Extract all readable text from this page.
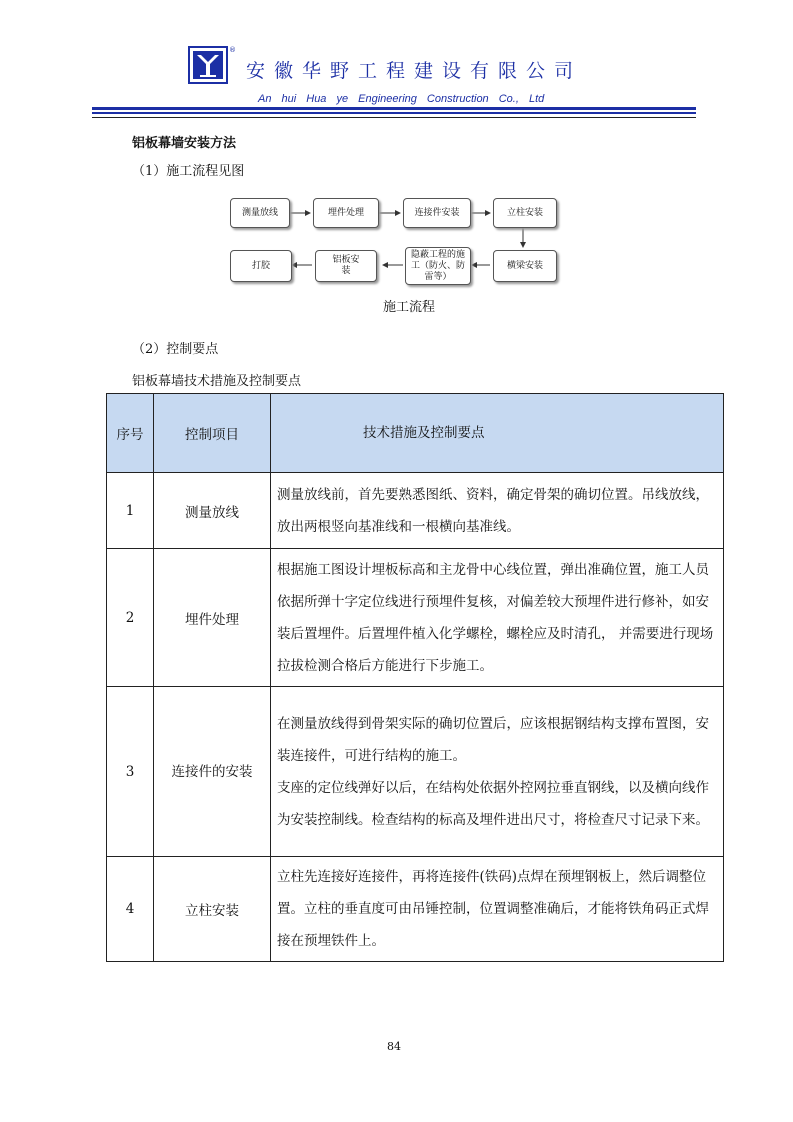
®
安徽华野工程建设有限公司
An hui Hua ye Engineering Construction Co., Ltd
铝板幕墙安装方法
（1）施工流程见图
测量放线	埋件处理	连接件安装	立柱安装
横梁安装
隐蔽工程的施工（防火、防雷等）
铝板安装
打胶
施工流程
（2）控制要点
铝板幕墙技术措施及控制要点
序号	控制项目	技术措施及控制要点
1	测量放线	测量放线前，首先要熟悉图纸、资料，确定骨架的确切位置。吊线放线，放出两根竖向基准线和一根横向基准线。

2	埋件处理	根据施工图设计埋板标高和主龙骨中心线位置，弹出准确位置，施工人员依据所弹十字定位线进行预埋件复核，对偏差较大预埋件进行修补，如安装后置埋件。后置埋件植入化学螺栓，螺栓应及时清孔， 并需要进行现场拉拔检测合格后方能进行下步施工。

3	连接件的安装	在测量放线得到骨架实际的确切位置后，应该根据钢结构支撑布置图，安装连接件，可进行结构的施工。
支座的定位线弹好以后，在结构处依据外控网拉垂直钢线，以及横向线作为安装控制线。检查结构的标高及埋件进出尺寸，将检查尺寸记录下来。

4	立柱安装	立柱先连接好连接件，再将连接件(铁码)点焊在预埋钢板上，然后调整位置。立柱的垂直度可由吊锤控制，位置调整准确后，才能将铁角码正式焊接在预埋铁件上。
84
